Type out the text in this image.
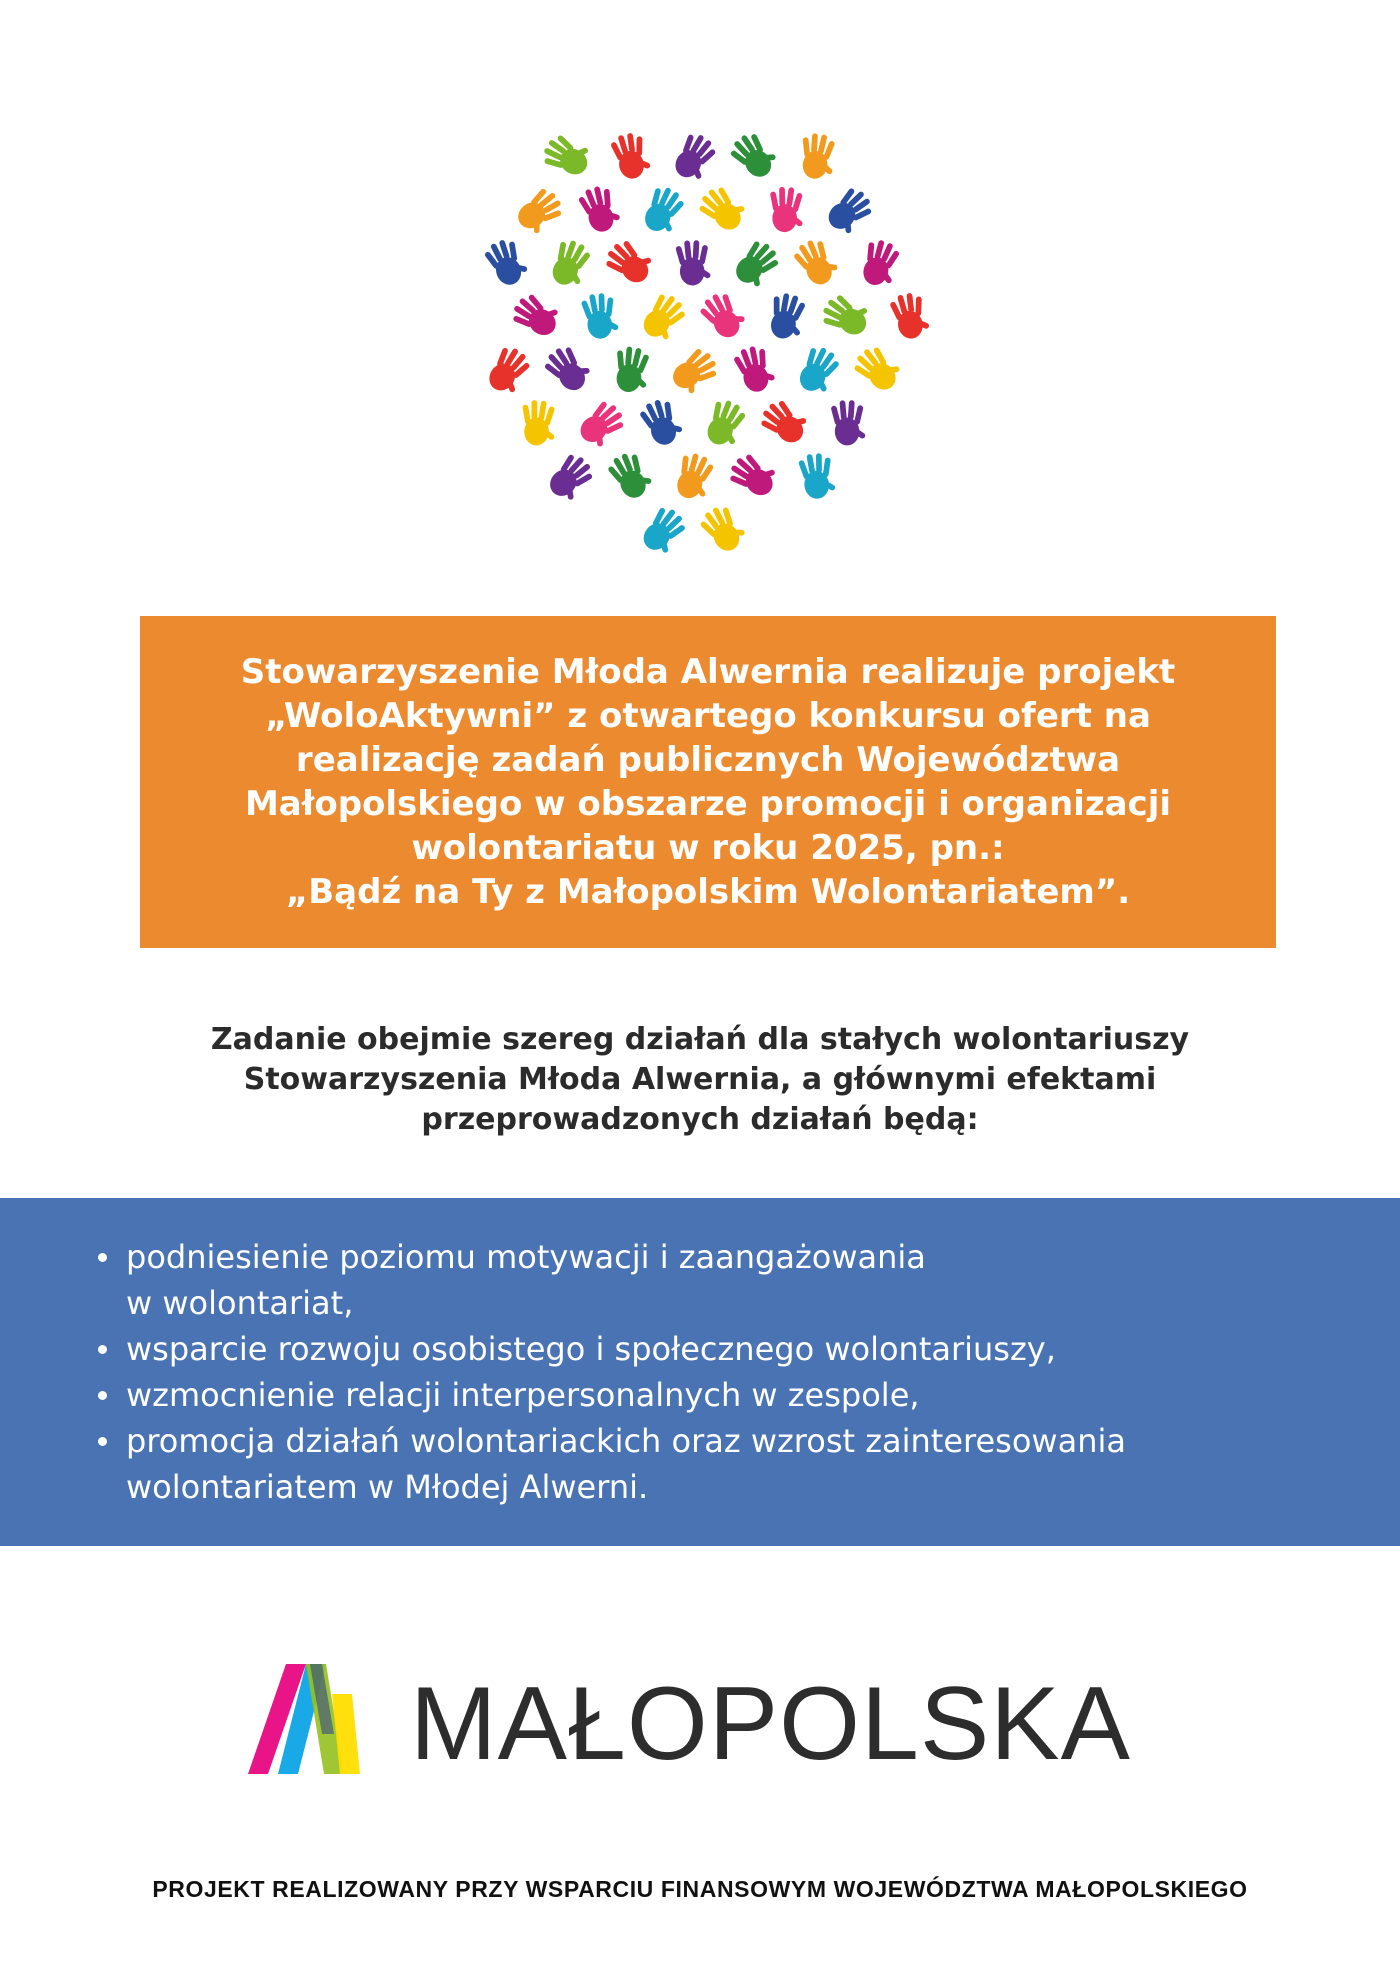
Stowarzyszenie Młoda Alwernia realizuje projekt
„WoloAktywni” z otwartego konkursu ofert na
realizację zadań publicznych Województwa
Małopolskiego w obszarze promocji i organizacji
wolontariatu w roku 2025, pn.:
„Bądź na Ty z Małopolskim Wolontariatem”.

Zadanie obejmie szereg działań dla stałych wolontariuszy
Stowarzyszenia Młoda Alwernia, a głównymi efektami
przeprowadzonych działań będą:
podniesienie poziomu motywacji i zaangażowania
w wolontariat,
wsparcie rozwoju osobistego i społecznego wolontariuszy,
wzmocnienie relacji interpersonalnych w zespole,
promocja działań wolontariackich oraz wzrost zainteresowania
wolontariatem w Młodej Alwerni.
MAŁOPOLSKA
PROJEKT REALIZOWANY PRZY WSPARCIU FINANSOWYM WOJEWÓDZTWA MAŁOPOLSKIEGO
